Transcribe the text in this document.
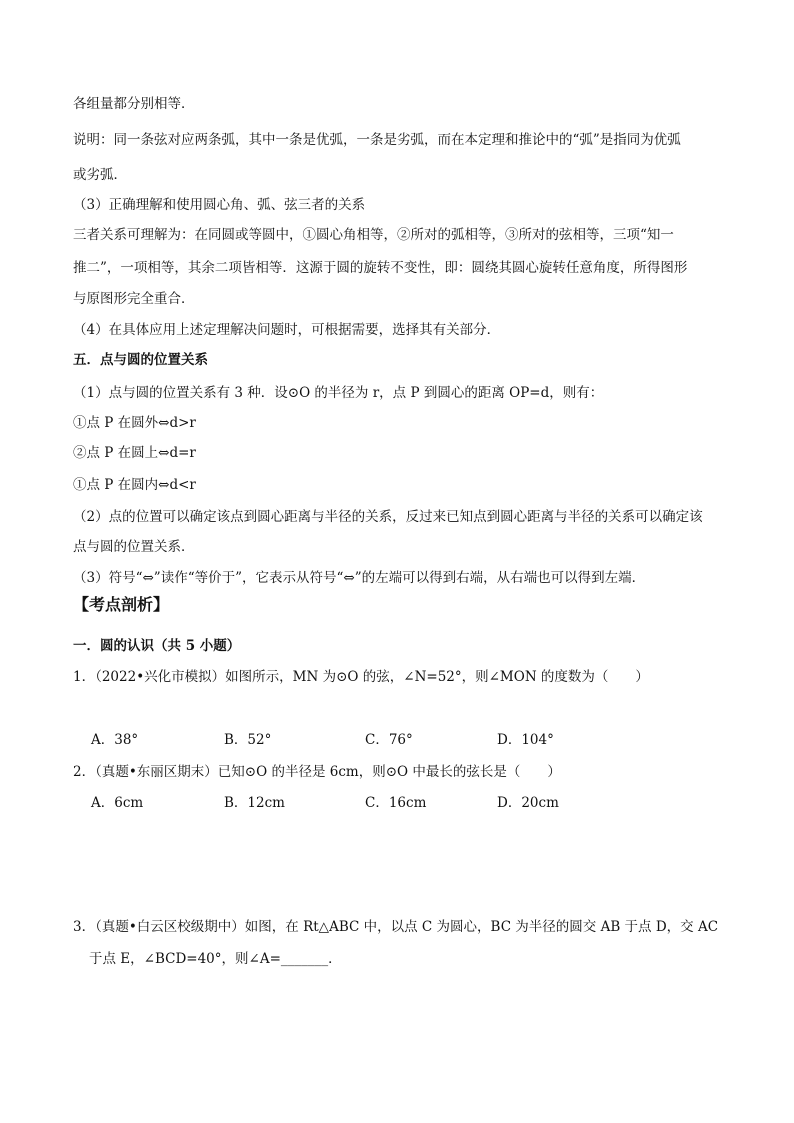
各组量都分别相等．
说明：同一条弦对应两条弧，其中一条是优弧，一条是劣弧，而在本定理和推论中的“弧”是指同为优弧
或劣弧．
（3）正确理解和使用圆心角、弧、弦三者的关系
三者关系可理解为：在同圆或等圆中，①圆心角相等，②所对的弧相等，③所对的弦相等，三项“知一
推二”，一项相等，其余二项皆相等．这源于圆的旋转不变性，即：圆绕其圆心旋转任意角度，所得图形
与原图形完全重合．
（4）在具体应用上述定理解决问题时，可根据需要，选择其有关部分．
五．点与圆的位置关系
（1）点与圆的位置关系有 3 种．设⊙O 的半径为 r，点 P 到圆心的距离 OP=d，则有：
①点 P 在圆外⇔d>r
②点 P 在圆上⇔d=r
①点 P 在圆内⇔d<r
（2）点的位置可以确定该点到圆心距离与半径的关系，反过来已知点到圆心距离与半径的关系可以确定该
点与圆的位置关系．
（3）符号“⇔”读作“等价于”，它表示从符号“⇔”的左端可以得到右端，从右端也可以得到左端．
【考点剖析】
一．圆的认识（共 5 小题）
1．（2022•兴化市模拟）如图所示，MN 为⊙O 的弦，∠N=52°，则∠MON 的度数为（　　）
A．38°	B．52°	C．76°	D．104°
2．（真题•东丽区期末）已知⊙O 的半径是 6cm，则⊙O 中最长的弦长是（　　）
A．6cm	B．12cm	C．16cm	D．20cm
3．（真题•白云区校级期中）如图，在 Rt△ABC 中，以点 C 为圆心，BC 为半径的圆交 AB 于点 D，交 AC
于点 E，∠BCD=40°，则∠A=_______．
